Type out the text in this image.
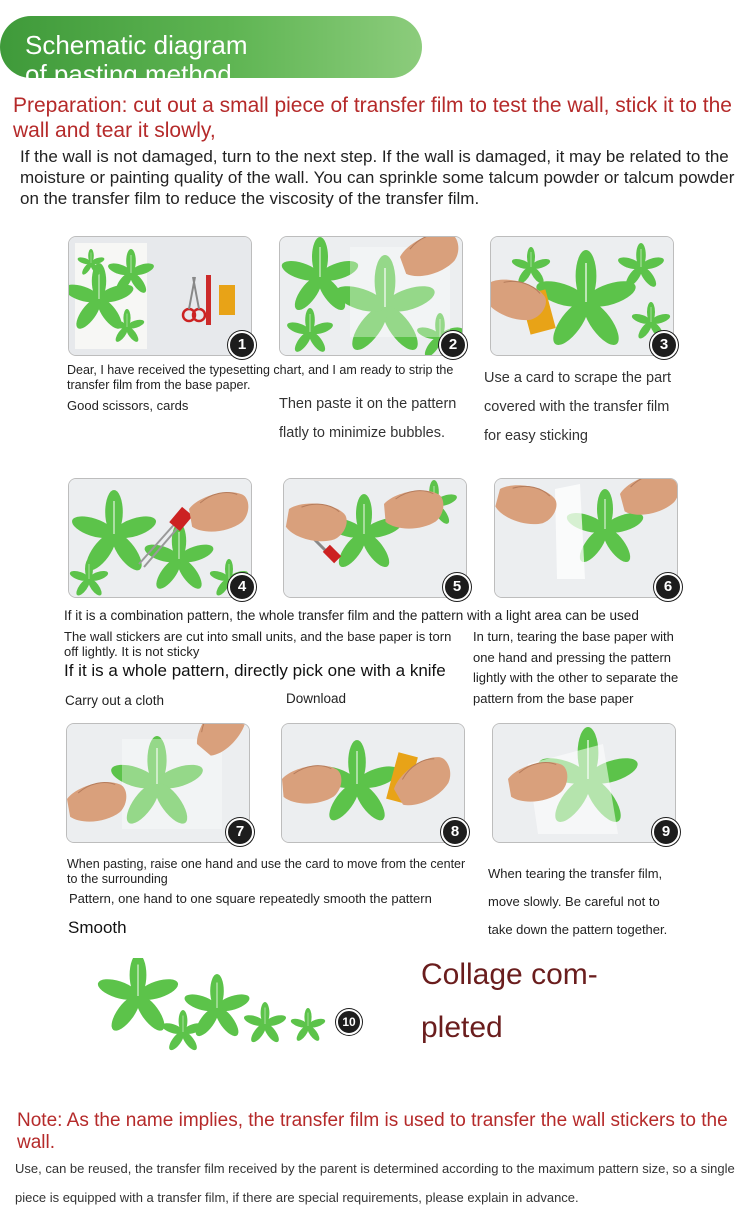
Schematic diagram
of pasting method
Preparation: cut out a small piece of transfer film to test the wall, stick it to the wall and tear it slowly,
If the wall is not damaged, turn to the next step. If the wall is damaged, it may be related to the moisture or painting quality of the wall. You can sprinkle some talcum powder or talcum powder on the transfer film to reduce the viscosity of the transfer film.
1	2	3
Dear, I have received the typesetting chart, and I am ready to strip the transfer film from the base paper.
Good scissors, cards	Then paste it on the pattern flatly to minimize bubbles.
Use a card to scrape the part covered with the transfer film for easy sticking
4	5	6
If it is a combination pattern, the whole transfer film and the pattern with a light area can be used
The wall stickers are cut into small units, and the base paper is torn off lightly. It is not sticky
If it is a whole pattern, directly pick one with a knife
Carry out a cloth	Download
In turn, tearing the base paper with one hand and pressing the pattern lightly with the other to separate the pattern from the base paper
7	8	9
When pasting, raise one hand and use the card to move from the center to the surrounding
Pattern, one hand to one square repeatedly smooth the pattern
Smooth
When tearing the transfer film, move slowly. Be careful not to take down the pattern together.
10
Collage com-
pleted
Note: As the name implies, the transfer film is used to transfer the wall stickers to the wall.
Use, can be reused, the transfer film received by the parent is determined according to the maximum pattern size, so a single piece is equipped with a transfer film, if there are special requirements, please explain in advance.
